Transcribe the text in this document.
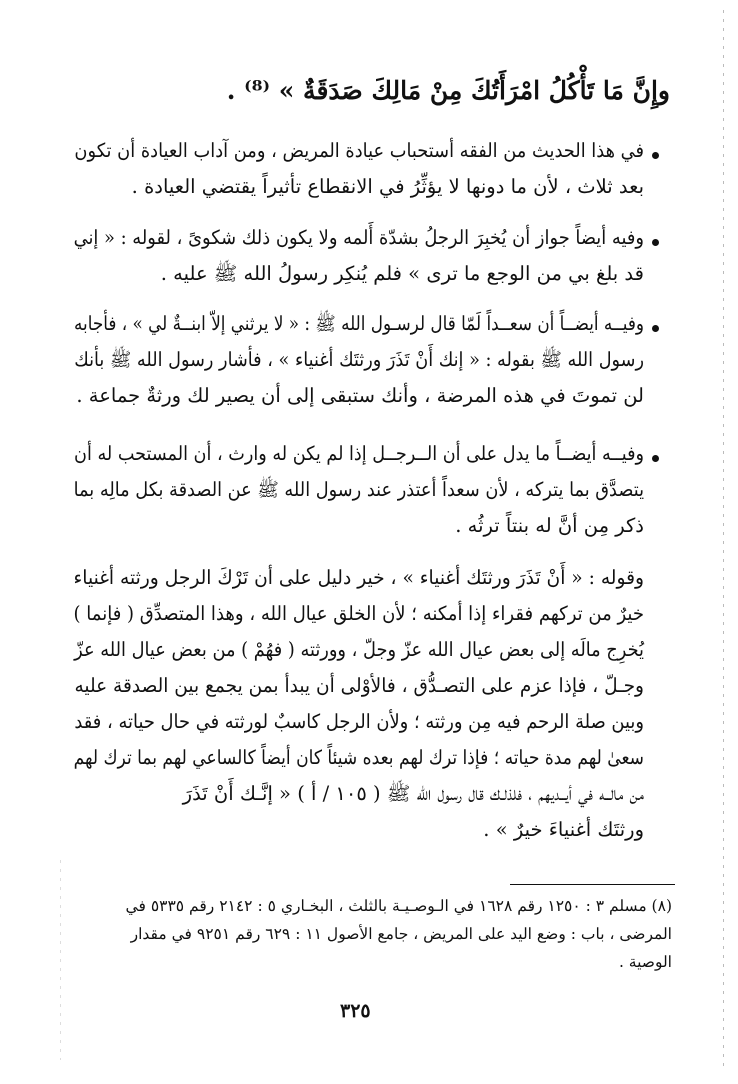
وإِنَّ مَا تَأْكُلُ امْرَأَتُكَ مِنْ مَالِكَ صَدَقَةٌ » ⁽⁸⁾ .
في هذا الحديث من الفقه أستحباب عيادة المريض ، ومن آداب العيادة أن تكون
بعد ثلاث ، لأن ما دونها لا يؤثِّرُ في الانقطاع تأثيراً يقتضي العيادة .
وفيه أيضاً جواز أن يُخبِرَ الرجلُ بشدّة أَلمه ولا يكون ذلك شكوىً ، لقوله : « إني
قد بلغ بي من الوجع ما ترى » فلم يُنكِر رسولُ الله ﷺ عليه .
وفيــه أيضــاً أن سعــداً لَمّا قال لرسـول الله ﷺ : « لا يرثني إلاّ ابنــةٌ لي » ، فأجابه
رسول الله ﷺ بقوله : « إنك أَنْ تَذَرَ ورثتَك أغنياء » ، فأشار رسول الله ﷺ بأنك
لن تموتَ في هذه المرضة ، وأنك ستبقى إلى أن يصير لك ورثةٌ جماعة .
وفيــه أيضــاً ما يدل على أن الــرجــل إذا لم يكن له وارث ، أن المستحب له أن
يتصدَّق بما يتركه ، لأن سعداً أعتذر عند رسول الله ﷺ عن الصدقة بكل مالِه بما
ذكر مِن أنَّ له بنتاً ترثُه .
وقوله : « أَنْ تَذَرَ ورثتَك أغنياء » ، خير دليل على أن تَرْكَ الرجل ورثته أغنياء
خيرٌ من تركهم فقراء إذا أمكنه ؛ لأن الخلق عيال الله ، وهذا المتصدِّق ( فإنما )
يُخرِج مالَه إلى بعض عيال الله عزّ وجلّ ، وورثته ( فهُمْ ) من بعض عيال الله عزّ
وجـلّ ، فإذا عزم على التصـدُّق ، فالأوْلى أن يبدأ بمن يجمع بين الصدقة عليه
وبين صلة الرحم فيه مِن ورثته ؛ ولأن الرجل كاسبٌ لورثته في حال حياته ، فقد
سعىٰ لهم مدة حياته ؛ فإذا ترك لهم بعده شيئاً كان أيضاً كالساعي لهم بما ترك لهم
من مالــه في أيــديهم ، فلذلـك قال رسول الله ﷺ ( ١٠٥ / أ ) « إنَّـك أَنْ تَذَرَ
ورثتَك أغنياءَ خيرٌ » .
(٨) مسلم ٣ : ١٢٥٠ رقم ١٦٢٨ في الـوصـيـة بالثلث ، البخـاري ٥ : ٢١٤٢ رقم ٥٣٣٥ في
المرضى ، باب : وضع اليد على المريض ، جامع الأصول ١١ : ٦٢٩ رقم ٩٢٥١ في مقدار
الوصية .
٣٢٥
